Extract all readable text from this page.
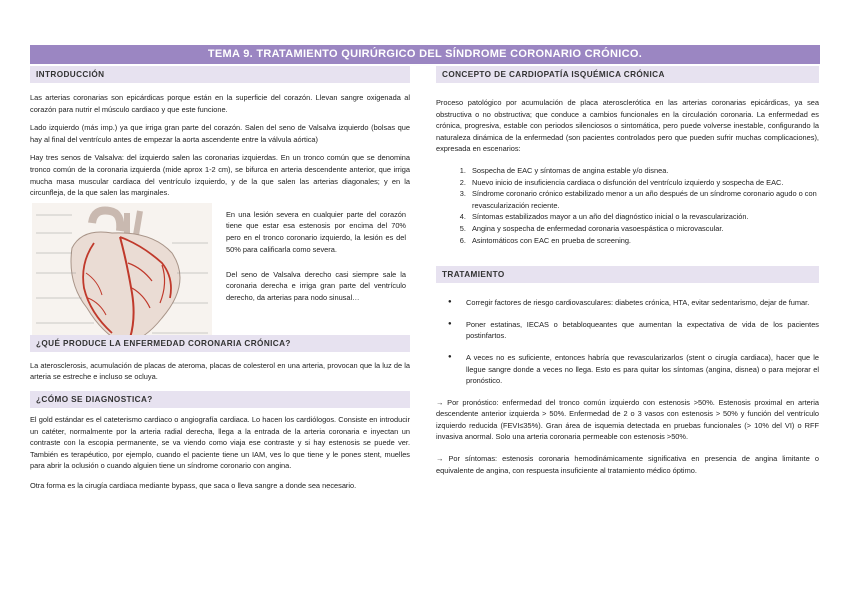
TEMA 9. TRATAMIENTO QUIRÚRGICO DEL SÍNDROME CORONARIO CRÓNICO.
INTRODUCCIÓN

Las arterias coronarias son epicárdicas porque están en la superficie del corazón. Llevan sangre oxigenada al corazón para nutrir el músculo cardiaco y que este funcione.

Lado izquierdo (más imp.) ya que irriga gran parte del corazón. Salen del seno de Valsalva izquierdo (bolsas que hay al final del ventrículo antes de empezar la aorta ascendente entre la válvula aórtica)

Hay tres senos de Valsalva: del izquierdo salen las coronarias izquierdas. En un tronco común que se denomina tronco común de la coronaria izquierda (mide aprox 1-2 cm), se bifurca en arteria descendente anterior, que irriga mucha masa muscular cardiaca del ventrículo izquierdo, y de la que salen las arterias diagonales; y en la circunfleja, de la que salen las marginales.

En una lesión severa en cualquier parte del corazón tiene que estar esa estenosis por encima del 70% pero en el tronco coronario izquierdo, la lesión es del 50% para calificarla como severa.

Del seno de Valsalva derecho casi siempre sale la coronaria derecha e irriga gran parte del ventrículo derecho, da arterias para nodo sinusal…

¿QUÉ PRODUCE LA ENFERMEDAD CORONARIA CRÓNICA?

La aterosclerosis, acumulación de placas de ateroma, placas de colesterol en una arteria, provocan que la luz de la arteria se estreche e incluso se ocluya.

¿CÓMO SE DIAGNOSTICA?

El gold estándar es el cateterismo cardiaco o angiografía cardiaca. Lo hacen los cardiólogos. Consiste en introducir un catéter, normalmente por la arteria radial derecha, llega a la entrada de la arteria coronaria e inyectan un contraste con la escopia permanente, se va viendo como viaja ese contraste y si hay estenosis se puede ver. También es terapéutico, por ejemplo, cuando el paciente tiene un IAM, ves lo que tiene y le pones stent, muelles para abrir la oclusión o cuando alguien tiene un síndrome coronario con angina.

Otra forma es la cirugía cardiaca mediante bypass, que saca o lleva sangre a donde sea necesario.

CONCEPTO DE CARDIOPATÍA ISQUÉMICA CRÓNICA

Proceso patológico por acumulación de placa aterosclerótica en las arterias coronarias epicárdicas, ya sea obstructiva o no obstructiva; que conduce a cambios funcionales en la circulación coronaria. La enfermedad es crónica, progresiva, estable con periodos silenciosos o sintomática, pero puede volverse inestable, configurando la naturaleza dinámica de la enfermedad (son pacientes controlados pero que pueden sufrir muchas complicaciones), expresada en escenarios:

1. Sospecha de EAC y síntomas de angina estable y/o disnea.
2. Nuevo inicio de insuficiencia cardiaca o disfunción del ventrículo izquierdo y sospecha de EAC.
3. Síndrome coronario crónico estabilizado menor a un año después de un síndrome coronario agudo o con revascularización reciente.
4. Síntomas estabilizados mayor a un año del diagnóstico inicial o la revascularización.
5. Angina y sospecha de enfermedad coronaria vasoespástica o microvascular.
6. Asintomáticos con EAC en prueba de screening.
TRATAMIENTO
● Corregir factores de riesgo cardiovasculares: diabetes crónica, HTA, evitar sedentarismo, dejar de fumar.
● Poner estatinas, IECAS o betabloqueantes que aumentan la expectativa de vida de los pacientes postinfartos.
● A veces no es suficiente, entonces habría que revascularizarlos (stent o cirugía cardiaca), hacer que le llegue sangre donde a veces no llega. Esto es para quitar los síntomas (angina, disnea) o para mejorar el pronóstico.

→ Por pronóstico: enfermedad del tronco común izquierdo con estenosis >50%. Estenosis proximal en arteria descendente anterior izquierda > 50%. Enfermedad de 2 o 3 vasos con estenosis > 50% y función del ventrículo izquierdo reducida (FEVI≤35%). Gran área de isquemia detectada en pruebas funcionales (> 10% del VI) o RFF invasiva anormal. Solo una arteria coronaria permeable con estenosis >50%.

→ Por síntomas: estenosis coronaria hemodinámicamente significativa en presencia de angina limitante o equivalente de angina, con respuesta insuficiente al tratamiento médico óptimo.
